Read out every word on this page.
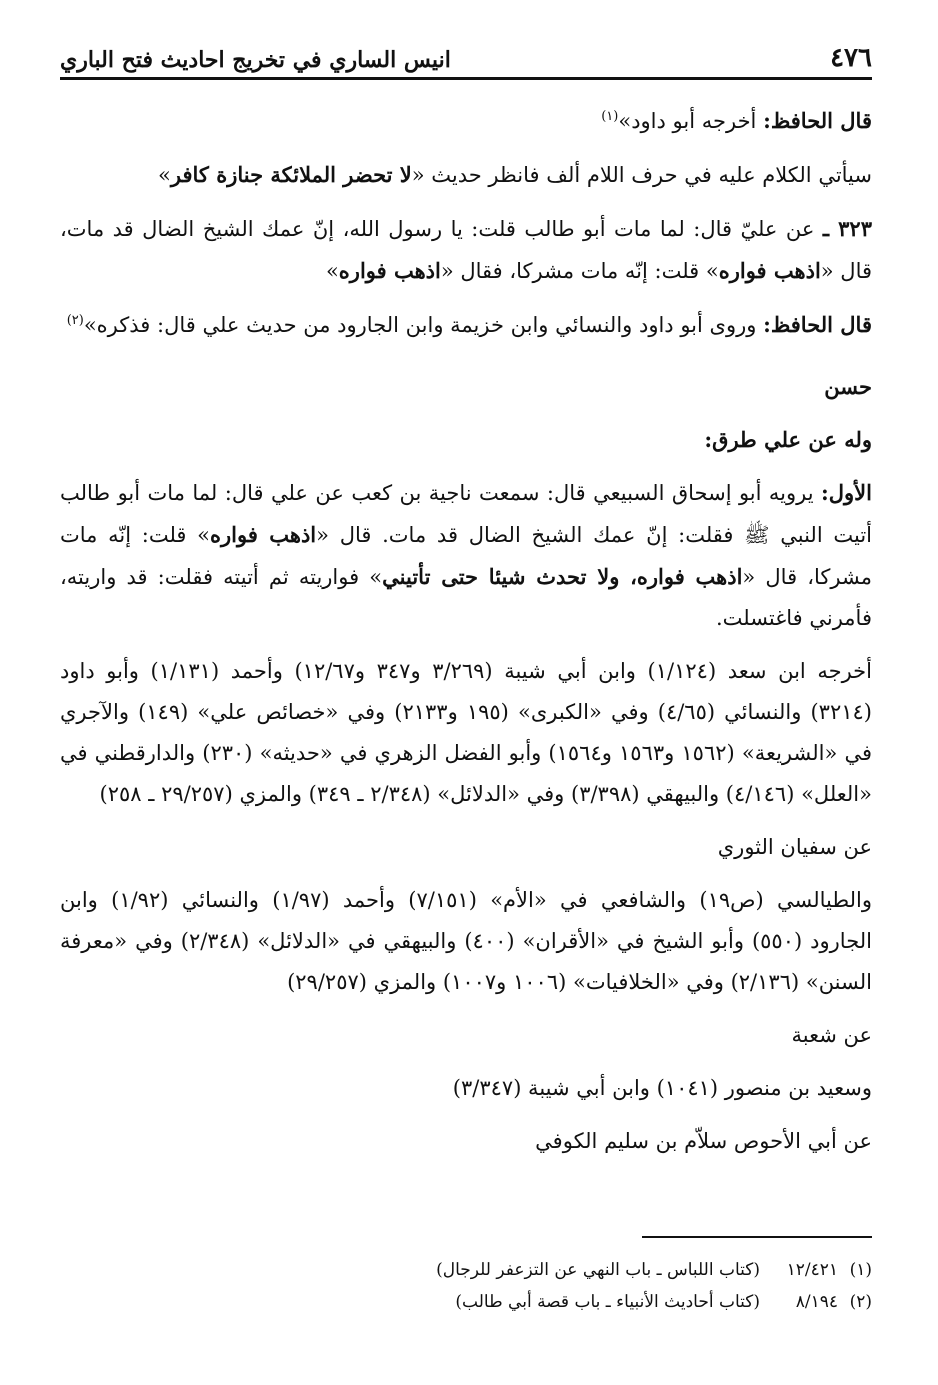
٤٧٦
انيس الساري في تخريج احاديث فتح الباري

قال الحافظ: أخرجه أبو داود»$^{(١)}$

سيأتي الكلام عليه في حرف اللام ألف فانظر حديث «لا تحضر الملائكة جنازة كافر»

٣٢٣ ـ عن عليّ قال: لما مات أبو طالب قلت: يا رسول الله، إنّ عمك الشيخ الضال قد مات، قال «اذهب فواره» قلت: إنّه مات مشركا، فقال «اذهب فواره»

قال الحافظ: وروى أبو داود والنسائي وابن خزيمة وابن الجارود من حديث علي قال: فذكره»$^{(٢)}$

حسن

وله عن علي طرق:

الأول: يرويه أبو إسحاق السبيعي قال: سمعت ناجية بن كعب عن علي قال: لما مات أبو طالب أتيت النبي ﷺ فقلت: إنّ عمك الشيخ الضال قد مات. قال «اذهب فواره» قلت: إنّه مات مشركا، قال «اذهب فواره، ولا تحدث شيئا حتى تأتيني» فواريته ثم أتيته فقلت: قد واريته، فأمرني فاغتسلت.

أخرجه ابن سعد (١/١٢٤) وابن أبي شيبة (٣/٢٦٩ و٣٤٧ و١٢/٦٧) وأحمد (١/١٣١) وأبو داود (٣٢١٤) والنسائي (٤/٦٥) وفي «الكبرى» (١٩٥ و٢١٣٣) وفي «خصائص علي» (١٤٩) والآجري في «الشريعة» (١٥٦٢ و١٥٦٣ و١٥٦٤) وأبو الفضل الزهري في «حديثه» (٢٣٠) والدارقطني في «العلل» (٤/١٤٦) والبيهقي (٣/٣٩٨) وفي «الدلائل» (٢/٣٤٨ ـ ٣٤٩) والمزي (٢٩/٢٥٧ ـ ٢٥٨)

عن سفيان الثوري

والطيالسي (ص١٩) والشافعي في «الأم» (٧/١٥١) وأحمد (١/٩٧) والنسائي (١/٩٢) وابن الجارود (٥٥٠) وأبو الشيخ في «الأقران» (٤٠٠) والبيهقي في «الدلائل» (٢/٣٤٨) وفي «معرفة السنن» (٢/١٣٦) وفي «الخلافيات» (١٠٠٦ و١٠٠٧) والمزي (٢٩/٢٥٧)

عن شعبة

وسعيد بن منصور (١٠٤١) وابن أبي شيبة (٣/٣٤٧)

عن أبي الأحوص سلاّم بن سليم الكوفي

(١)١٢/٤٢١(كتاب اللباس ـ باب النهي عن التزعفر للرجال)

(٢)٨/١٩٤(كتاب أحاديث الأنبياء ـ باب قصة أبي طالب)
